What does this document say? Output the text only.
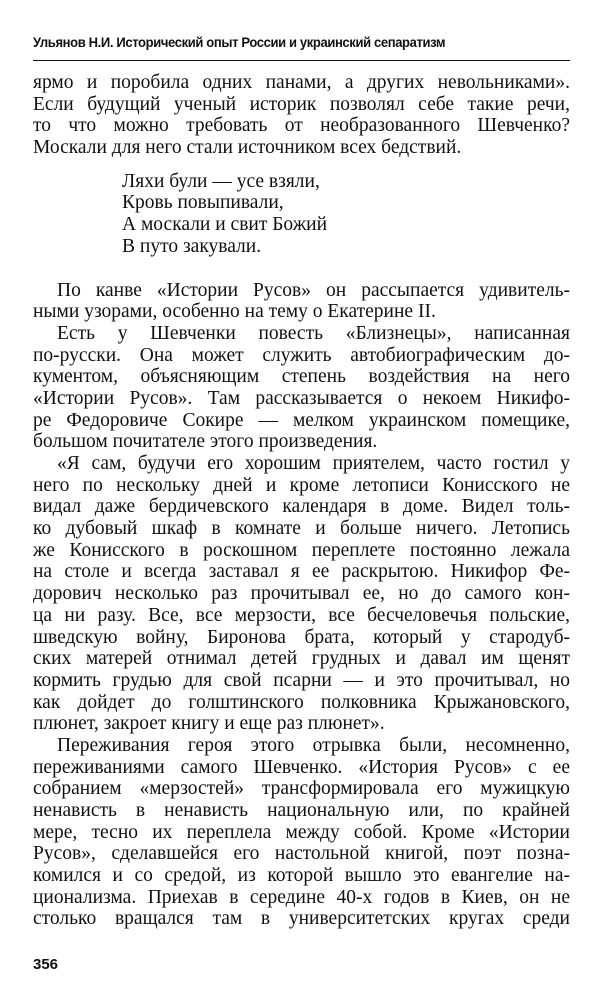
Ульянов Н.И. Исторический опыт России и украинский сепаратизм
ярмо и поробила одних панами, а других невольниками».
Если будущий ученый историк позволял себе такие речи,
то что можно требовать от необразованного Шевченко?
Москали для него стали источником всех бедствий.
Ляхи були — усе взяли,
Кровь повыпивали,
А москали и свит Божий
В путо закували.
По канве «Истории Русов» он рассыпается удивитель-
ными узорами, особенно на тему о Екатерине II.
Есть у Шевченки повесть «Близнецы», написанная
по-русски. Она может служить автобиографическим до-
кументом, объясняющим степень воздействия на него
«Истории Русов». Там рассказывается о некоем Никифо-
ре Федоровиче Сокире — мелком украинском помещике,
большом почитателе этого произведения.
«Я сам, будучи его хорошим приятелем, часто гостил у
него по нескольку дней и кроме летописи Конисского не
видал даже бердичевского календаря в доме. Видел толь-
ко дубовый шкаф в комнате и больше ничего. Летопись
же Конисского в роскошном переплете постоянно лежала
на столе и всегда заставал я ее раскрытою. Никифор Фе-
дорович несколько раз прочитывал ее, но до самого кон-
ца ни разу. Все, все мерзости, все бесчеловечья польские,
шведскую войну, Биронова брата, который у стародуб-
ских матерей отнимал детей грудных и давал им щенят
кормить грудью для свой псарни — и это прочитывал, но
как дойдет до голштинского полковника Крыжановского,
плюнет, закроет книгу и еще раз плюнет».
Переживания героя этого отрывка были, несомненно,
переживаниями самого Шевченко. «История Русов» с ее
собранием «мерзостей» трансформировала его мужицкую
ненависть в ненависть национальную или, по крайней
мере, тесно их переплела между собой. Кроме «Истории
Русов», сделавшейся его настольной книгой, поэт позна-
комился и со средой, из которой вышло это евангелие на-
ционализма. Приехав в середине 40-х годов в Киев, он не
столько вращался там в университетских кругах среди
356
